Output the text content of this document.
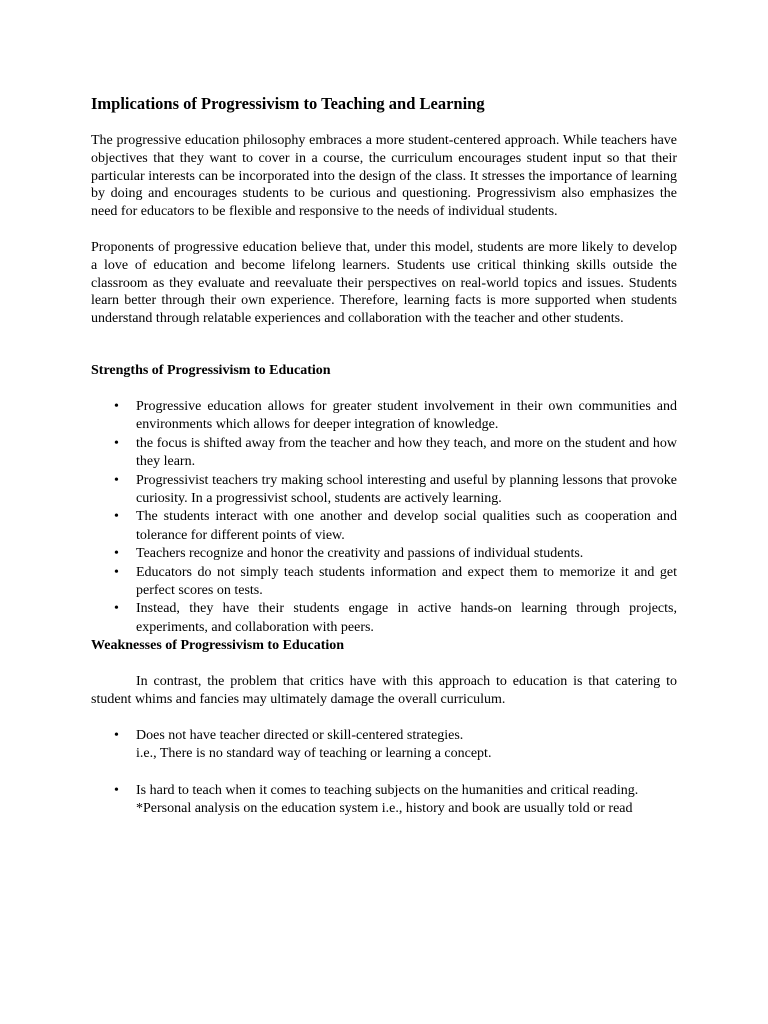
Implications of Progressivism to Teaching and Learning

The progressive education philosophy embraces a more student-centered approach. While teachers have objectives that they want to cover in a course, the curriculum encourages student input so that their particular interests can be incorporated into the design of the class. It stresses the importance of learning by doing and encourages students to be curious and questioning. Progressivism also emphasizes the need for educators to be flexible and responsive to the needs of individual students.

Proponents of progressive education believe that, under this model, students are more likely to develop a love of education and become lifelong learners. Students use critical thinking skills outside the classroom as they evaluate and reevaluate their perspectives on real-world topics and issues. Students learn better through their own experience. Therefore, learning facts is more supported when students understand through relatable experiences and collaboration with the teacher and other students.

Strengths of Progressivism to Education
•	Progressive education allows for greater student involvement in their own communities and environments which allows for deeper integration of knowledge.
•	the focus is shifted away from the teacher and how they teach, and more on the student and how they learn.
•	Progressivist teachers try making school interesting and useful by planning lessons that provoke curiosity. In a progressivist school, students are actively learning.
•	The students interact with one another and develop social qualities such as cooperation and tolerance for different points of view.
•	Teachers recognize and honor the creativity and passions of individual students.
•	Educators do not simply teach students information and expect them to memorize it and get perfect scores on tests.
•	Instead, they have their students engage in active hands-on learning through projects, experiments, and collaboration with peers.
Weaknesses of Progressivism to Education

In contrast, the problem that critics have with this approach to education is that catering to student whims and fancies may ultimately damage the overall curriculum.

•	Does not have teacher directed or skill-centered strategies.
i.e., There is no standard way of teaching or learning a concept.
•	Is hard to teach when it comes to teaching subjects on the humanities and critical reading.
*Personal analysis on the education system i.e., history and book are usually told or read
